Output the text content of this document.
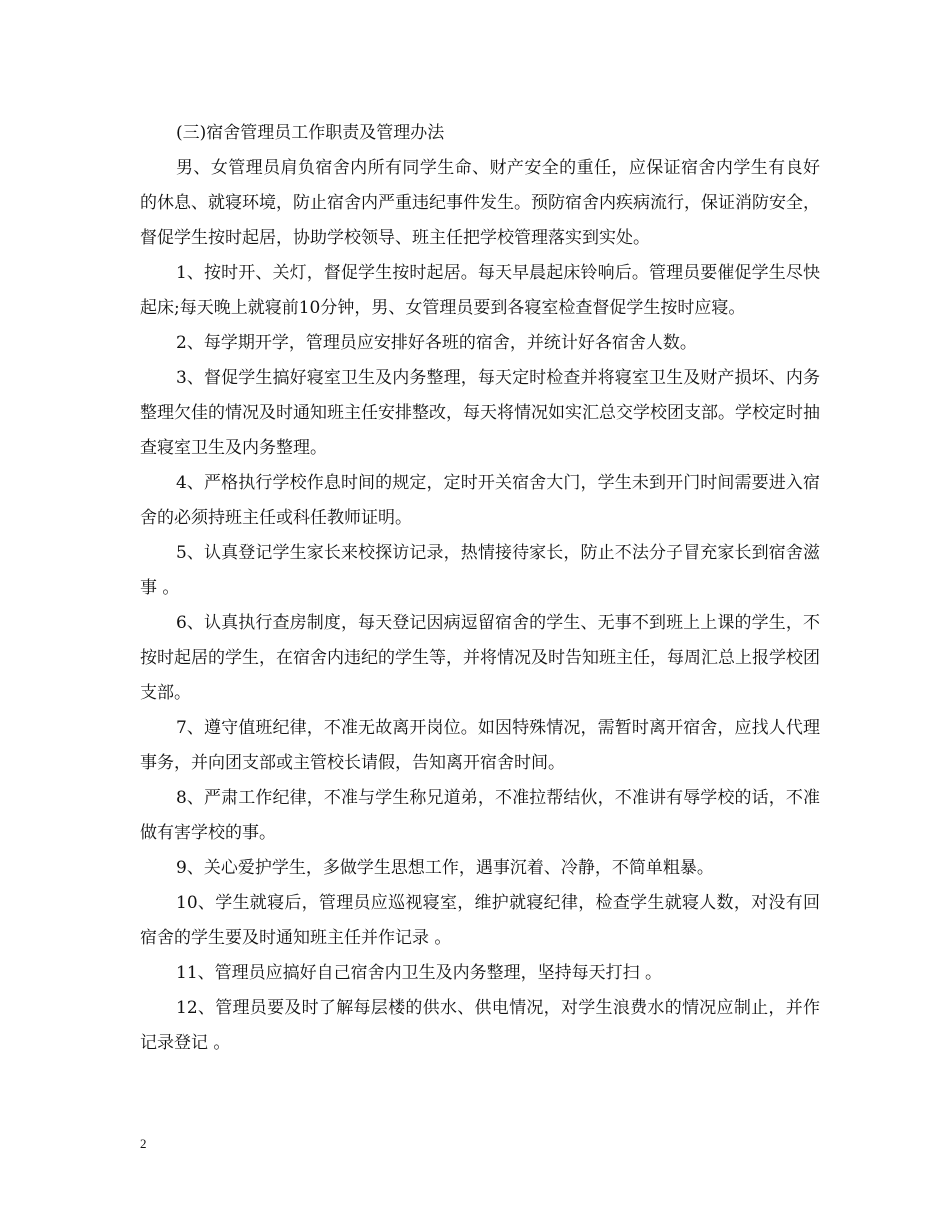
(三)宿舍管理员工作职责及管理办法

男、女管理员肩负宿舍内所有同学生命、财产安全的重任，应保证宿舍内学生有良好的休息、就寝环境，防止宿舍内严重违纪事件发生。预防宿舍内疾病流行，保证消防安全，督促学生按时起居，协助学校领导、班主任把学校管理落实到实处。

1、按时开、关灯，督促学生按时起居。每天早晨起床铃响后。管理员要催促学生尽快起床;每天晚上就寝前10分钟，男、女管理员要到各寝室检查督促学生按时应寝。

2、每学期开学，管理员应安排好各班的宿舍，并统计好各宿舍人数。

3、督促学生搞好寝室卫生及内务整理，每天定时检查并将寝室卫生及财产损坏、内务整理欠佳的情况及时通知班主任安排整改，每天将情况如实汇总交学校团支部。学校定时抽查寝室卫生及内务整理。

4、严格执行学校作息时间的规定，定时开关宿舍大门，学生未到开门时间需要进入宿舍的必须持班主任或科任教师证明。

5、认真登记学生家长来校探访记录，热情接待家长，防止不法分子冒充家长到宿舍滋事 。

6、认真执行查房制度，每天登记因病逗留宿舍的学生、无事不到班上上课的学生，不按时起居的学生，在宿舍内违纪的学生等，并将情况及时告知班主任，每周汇总上报学校团支部。

7、遵守值班纪律，不准无故离开岗位。如因特殊情况，需暂时离开宿舍，应找人代理事务，并向团支部或主管校长请假，告知离开宿舍时间。

8、严肃工作纪律，不准与学生称兄道弟，不准拉帮结伙，不准讲有辱学校的话，不准做有害学校的事。

9、关心爱护学生，多做学生思想工作，遇事沉着、冷静，不简单粗暴。

10、学生就寝后，管理员应巡视寝室，维护就寝纪律，检查学生就寝人数，对没有回宿舍的学生要及时通知班主任并作记录 。

11、管理员应搞好自己宿舍内卫生及内务整理，坚持每天打扫 。

12、管理员要及时了解每层楼的供水、供电情况，对学生浪费水的情况应制止，并作记录登记 。

2
